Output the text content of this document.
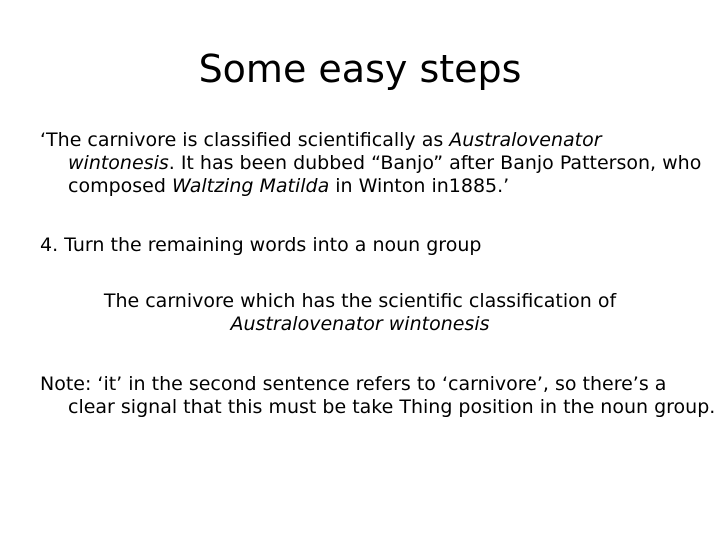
Some easy steps

‘The carnivore is classified scientifically as Australovenator wintonesis. It has been dubbed “Banjo” after Banjo Patterson, who composed Waltzing Matilda in Winton in1885.’

4. Turn the remaining words into a noun group

The carnivore which has the scientific classification of
Australovenator wintonesis

Note: ‘it’ in the second sentence refers to ‘carnivore’, so there’s a clear signal that this must be take Thing position in the noun group.
